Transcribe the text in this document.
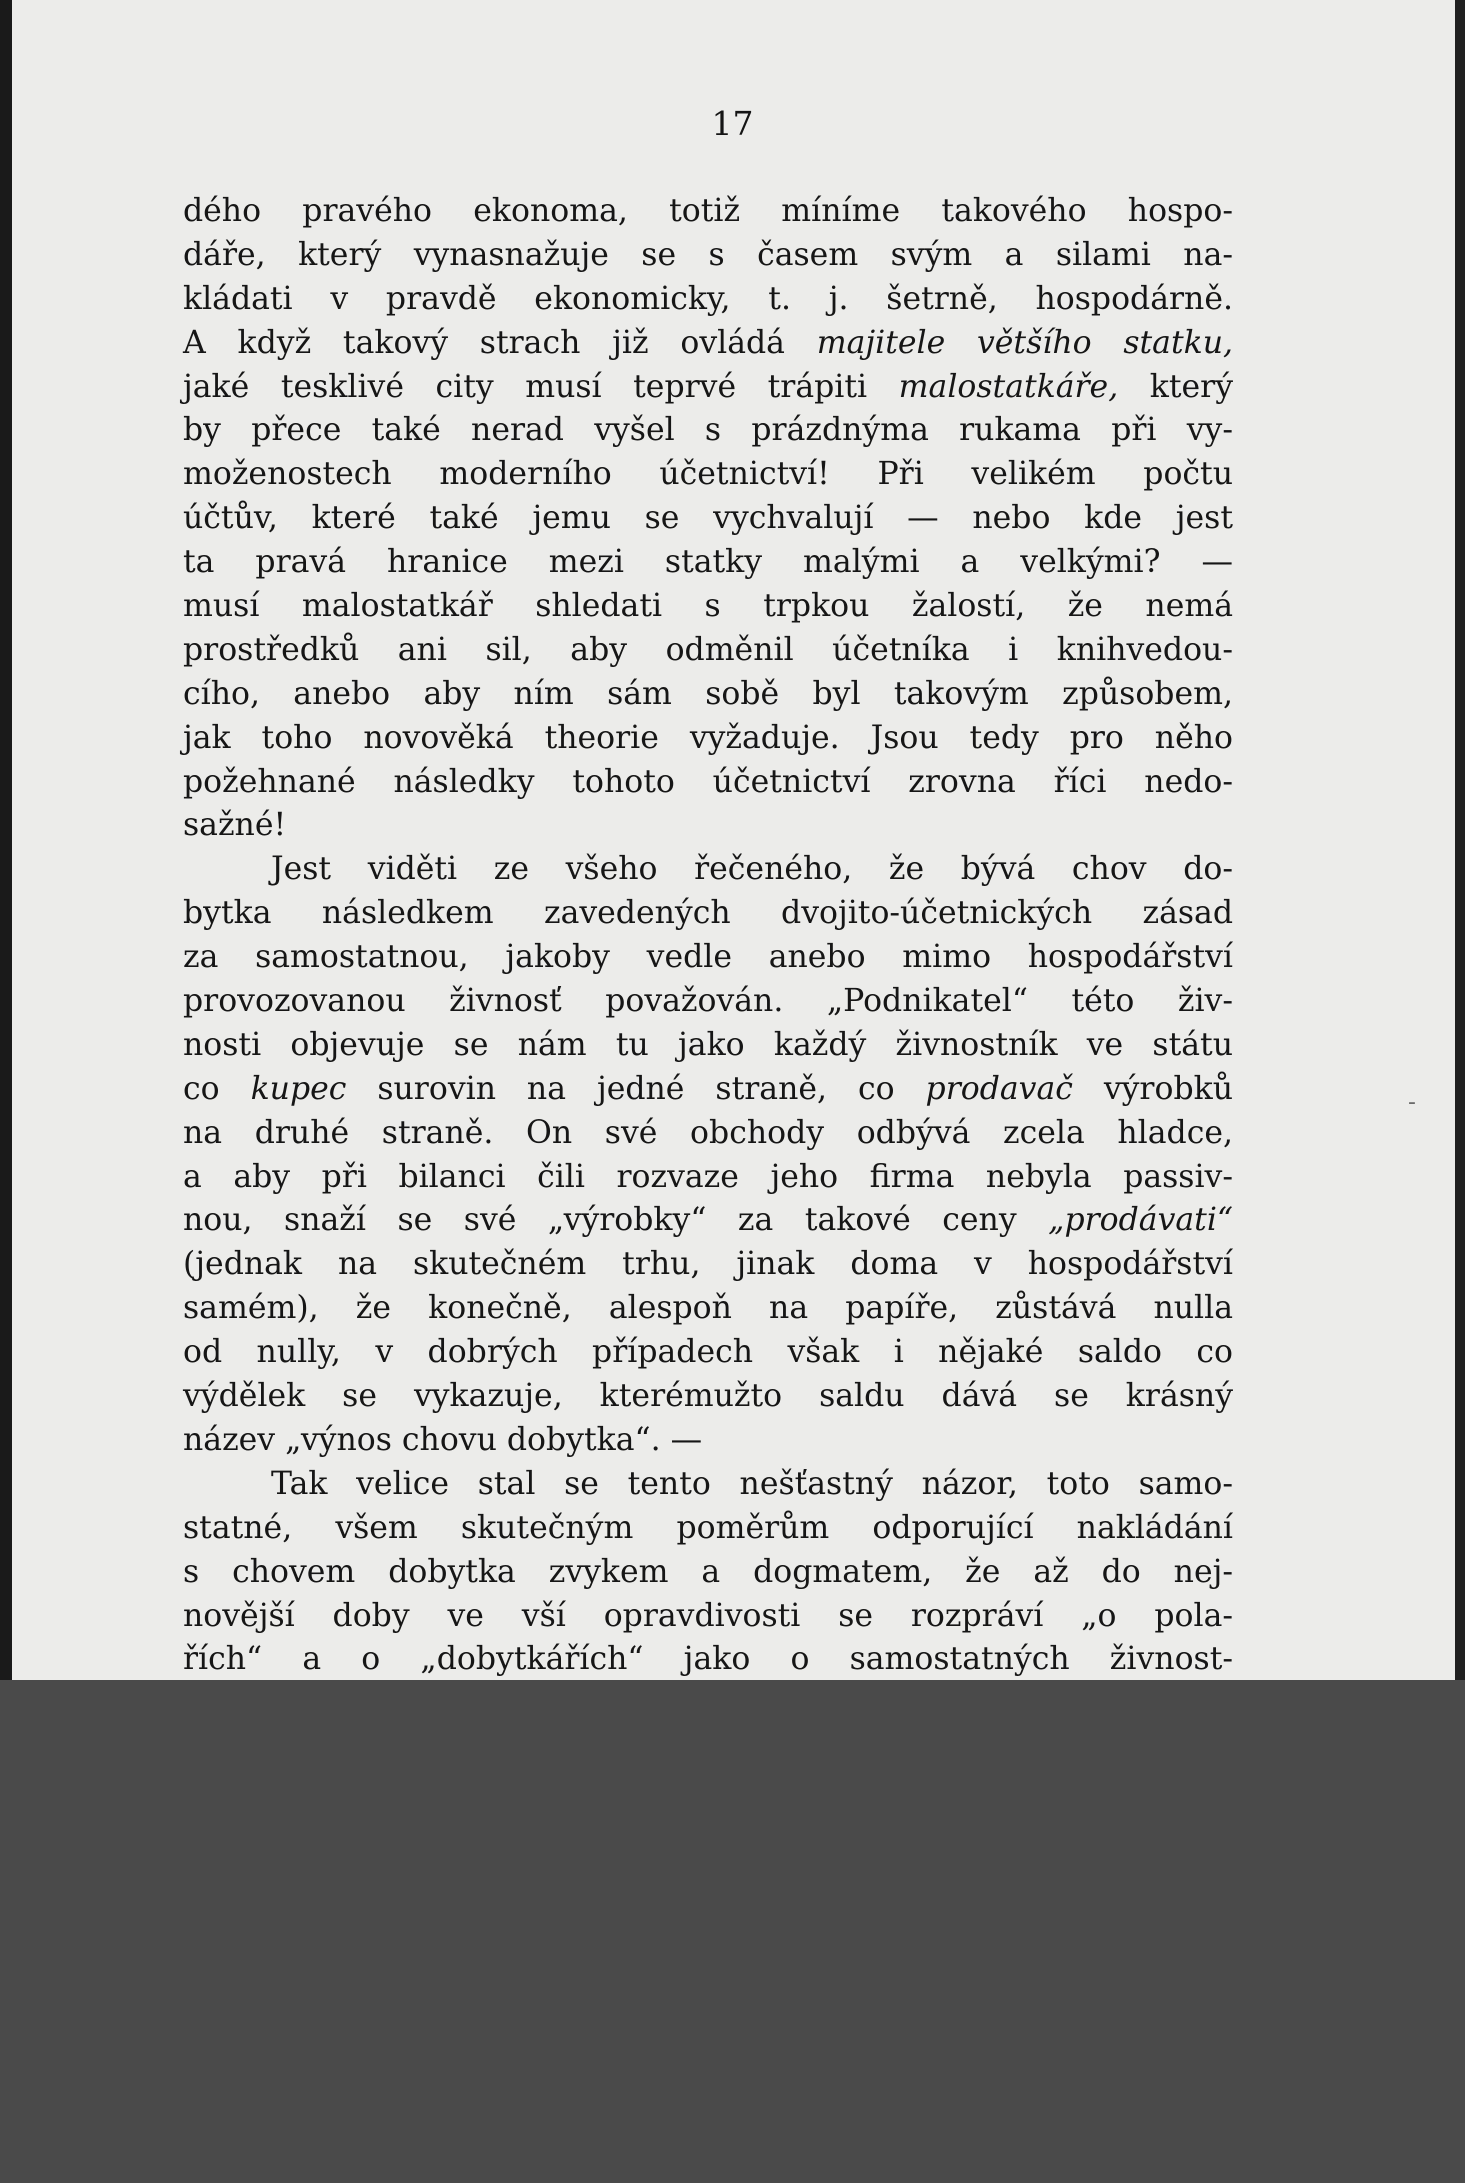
17
dého pravého ekonoma, totiž míníme takového hospo-
dáře, který vynasnažuje se s časem svým a silami na-
kládati v pravdě ekonomicky, t. j. šetrně, hospodárně.
A když takový strach již ovládá majitele většího statku,
jaké tesklivé city musí teprvé trápiti malostatkáře, který
by přece také nerad vyšel s prázdnýma rukama při vy-
moženostech moderního účetnictví! Při velikém počtu
účtův, které také jemu se vychvalují — nebo kde jest
ta pravá hranice mezi statky malými a velkými? —
musí malostatkář shledati s trpkou žalostí, že nemá
prostředků ani sil, aby odměnil účetníka i knihvedou-
cího, anebo aby ním sám sobě byl takovým způsobem,
jak toho novověká theorie vyžaduje. Jsou tedy pro něho
požehnané následky tohoto účetnictví zrovna říci nedo-
sažné!
Jest viděti ze všeho řečeného, že bývá chov do-
bytka následkem zavedených dvojito-účetnických zásad
za samostatnou, jakoby vedle anebo mimo hospodářství
provozovanou živnosť považován. „Podnikatel“ této živ-
nosti objevuje se nám tu jako každý živnostník ve státu
co kupec surovin na jedné straně, co prodavač výrobků
na druhé straně. On své obchody odbývá zcela hladce,
a aby při bilanci čili rozvaze jeho firma nebyla passiv-
nou, snaží se své „výrobky“ za takové ceny „prodávati“
(jednak na skutečném trhu, jinak doma v hospodářství
samém), že konečně, alespoň na papíře, zůstává nulla
od nully, v dobrých případech však i nějaké saldo co
výdělek se vykazuje, kterémužto saldu dává se krásný
název „výnos chovu dobytka“. —
Tak velice stal se tento nešťastný názor, toto samo-
statné, všem skutečným poměrům odporující nakládání
s chovem dobytka zvykem a dogmatem, že až do nej-
novější doby ve vší opravdivosti se rozpráví „o pola-
řích“ a o „dobytkářích“ jako o samostatných živnost-
-
